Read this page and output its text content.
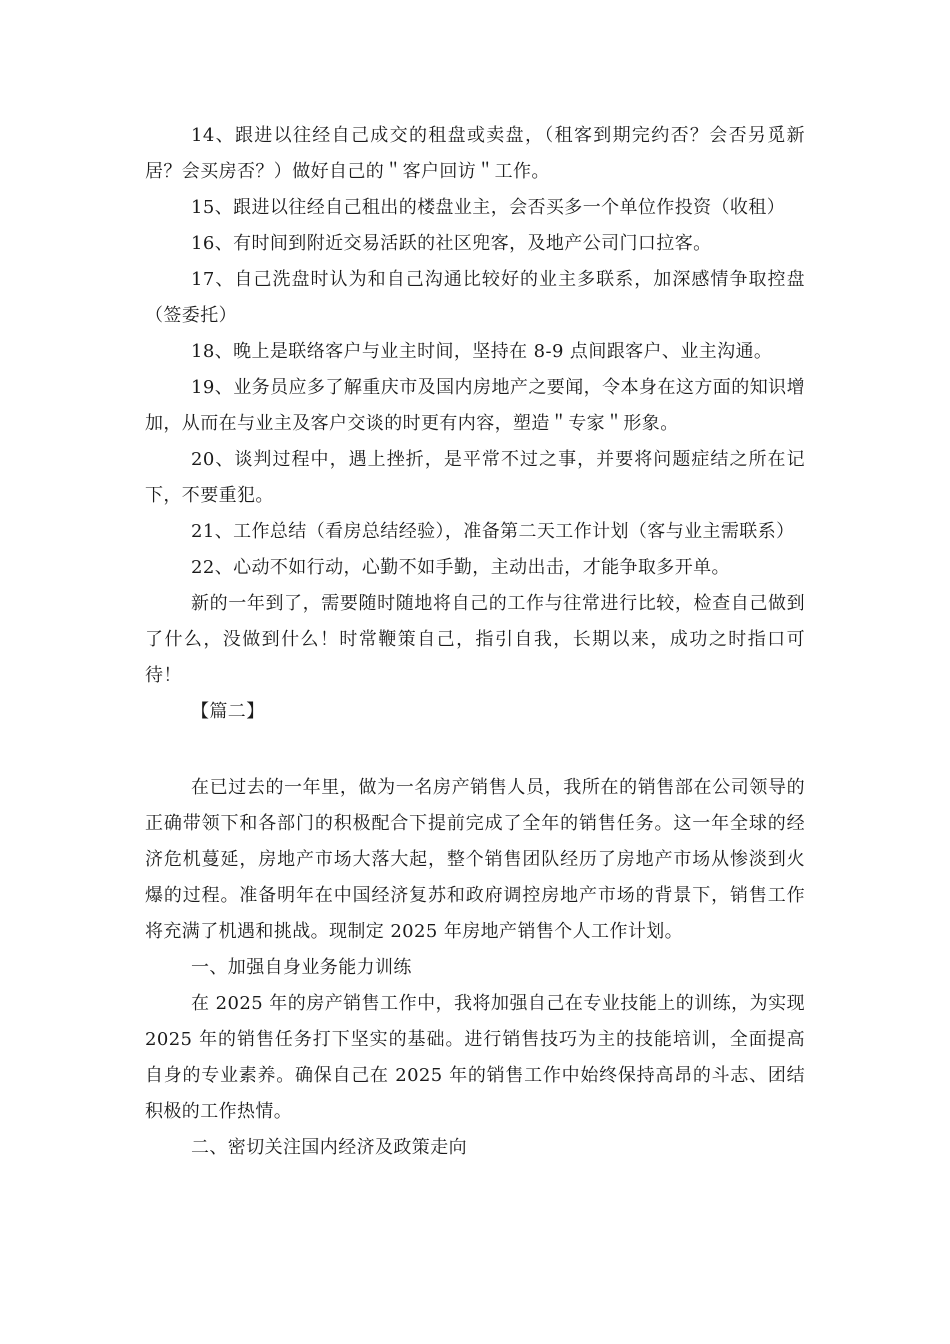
14、跟进以往经自己成交的租盘或卖盘，（租客到期完约否？会否另觅新居？会买房否？）做好自己的＂客户回访＂工作。

15、跟进以往经自己租出的楼盘业主，会否买多一个单位作投资（收租）

16、有时间到附近交易活跃的社区兜客，及地产公司门口拉客。

17、自己洗盘时认为和自己沟通比较好的业主多联系，加深感情争取控盘（签委托）

18、晚上是联络客户与业主时间，坚持在 8-9 点间跟客户、业主沟通。

19、业务员应多了解重庆市及国内房地产之要闻，令本身在这方面的知识增加，从而在与业主及客户交谈的时更有内容，塑造＂专家＂形象。

20、谈判过程中，遇上挫折，是平常不过之事，并要将问题症结之所在记下，不要重犯。

21、工作总结（看房总结经验），准备第二天工作计划（客与业主需联系）

22、心动不如行动，心勤不如手勤，主动出击，才能争取多开单。

新的一年到了，需要随时随地将自己的工作与往常进行比较，检查自己做到了什么，没做到什么！时常鞭策自己，指引自我，长期以来，成功之时指口可待！

【篇二】

在已过去的一年里，做为一名房产销售人员，我所在的销售部在公司领导的正确带领下和各部门的积极配合下提前完成了全年的销售任务。这一年全球的经济危机蔓延，房地产市场大落大起，整个销售团队经历了房地产市场从惨淡到火爆的过程。准备明年在中国经济复苏和政府调控房地产市场的背景下，销售工作将充满了机遇和挑战。现制定 2025 年房地产销售个人工作计划。

一、加强自身业务能力训练

在 2025 年的房产销售工作中，我将加强自己在专业技能上的训练，为实现 2025 年的销售任务打下坚实的基础。进行销售技巧为主的技能培训，全面提高自身的专业素养。确保自己在 2025 年的销售工作中始终保持高昂的斗志、团结积极的工作热情。

二、密切关注国内经济及政策走向
